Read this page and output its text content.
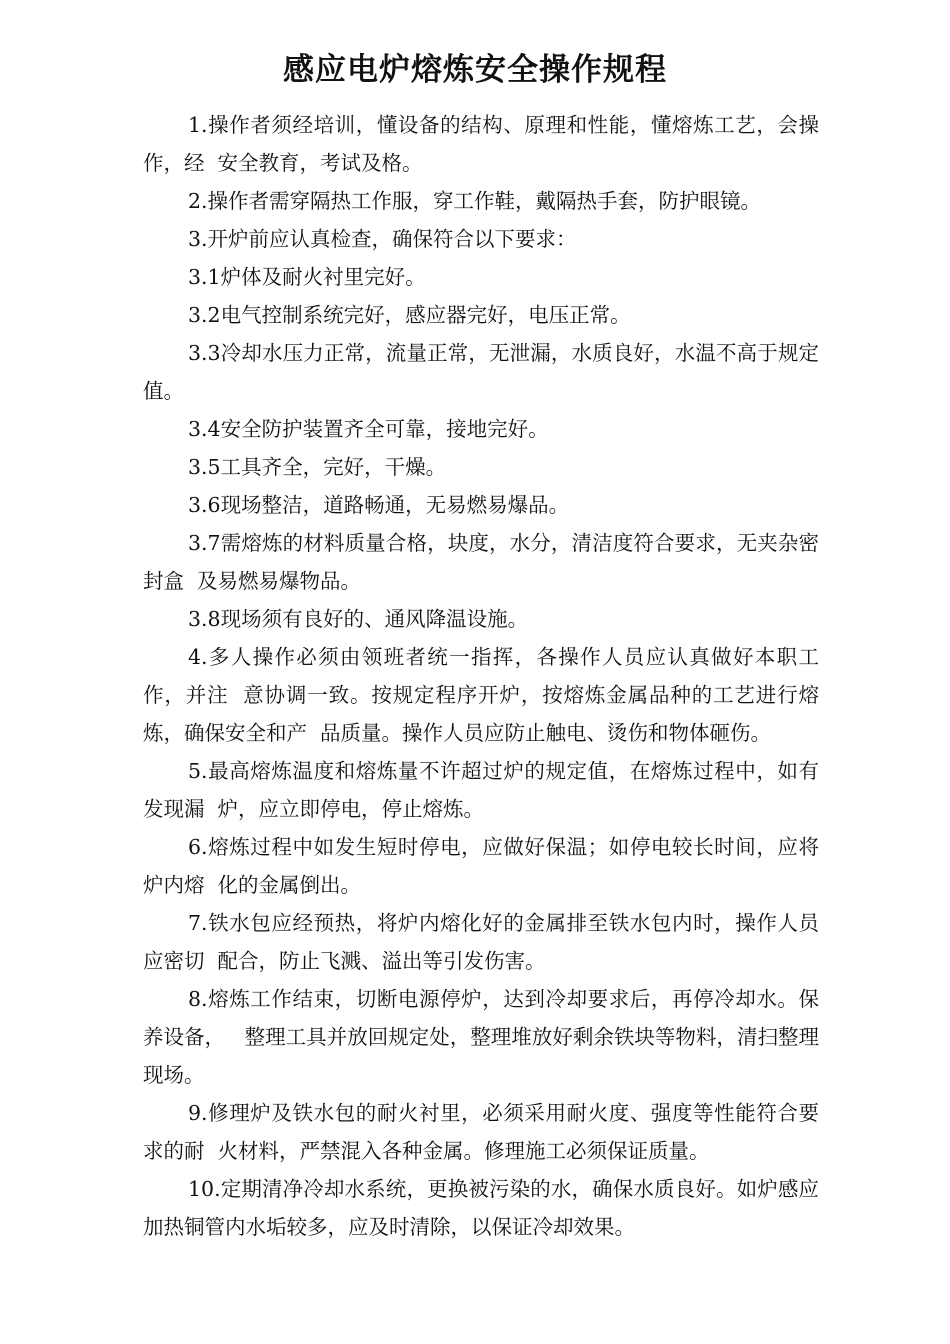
感应电炉熔炼安全操作规程

1.操作者须经培训，懂设备的结构、原理和性能，懂熔炼工艺，会操作，经  安全教育，考试及格。

2.操作者需穿隔热工作服，穿工作鞋，戴隔热手套，防护眼镜。

3.开炉前应认真检查，确保符合以下要求：

3.1炉体及耐火衬里完好。

3.2电气控制系统完好，感应器完好，电压正常。

3.3冷却水压力正常，流量正常，无泄漏，水质良好，水温不高于规定值。

3.4安全防护装置齐全可靠，接地完好。

3.5工具齐全，完好，干燥。

3.6现场整洁，道路畅通，无易燃易爆品。

3.7需熔炼的材料质量合格，块度，水分，清洁度符合要求，无夹杂密封盒  及易燃易爆物品。

3.8现场须有良好的、通风降温设施。

4.多人操作必须由领班者统一指挥，各操作人员应认真做好本职工作，并注  意协调一致。按规定程序开炉，按熔炼金属品种的工艺进行熔炼，确保安全和产  品质量。操作人员应防止触电、烫伤和物体砸伤。

5.最高熔炼温度和熔炼量不许超过炉的规定值，在熔炼过程中，如有发现漏  炉，应立即停电，停止熔炼。

6.熔炼过程中如发生短时停电，应做好保温；如停电较长时间，应将炉内熔  化的金属倒出。

7.铁水包应经预热，将炉内熔化好的金属排至铁水包内时，操作人员应密切  配合，防止飞溅、溢出等引发伤害。

8.熔炼工作结束，切断电源停炉，达到冷却要求后，再停冷却水。保养设备，   整理工具并放回规定处，整理堆放好剩余铁块等物料，清扫整理现场。

9.修理炉及铁水包的耐火衬里，必须采用耐火度、强度等性能符合要求的耐  火材料，严禁混入各种金属。修理施工必须保证质量。

10.定期清净冷却水系统，更换被污染的水，确保水质良好。如炉感应加热铜管内水垢较多，应及时清除，以保证冷却效果。
